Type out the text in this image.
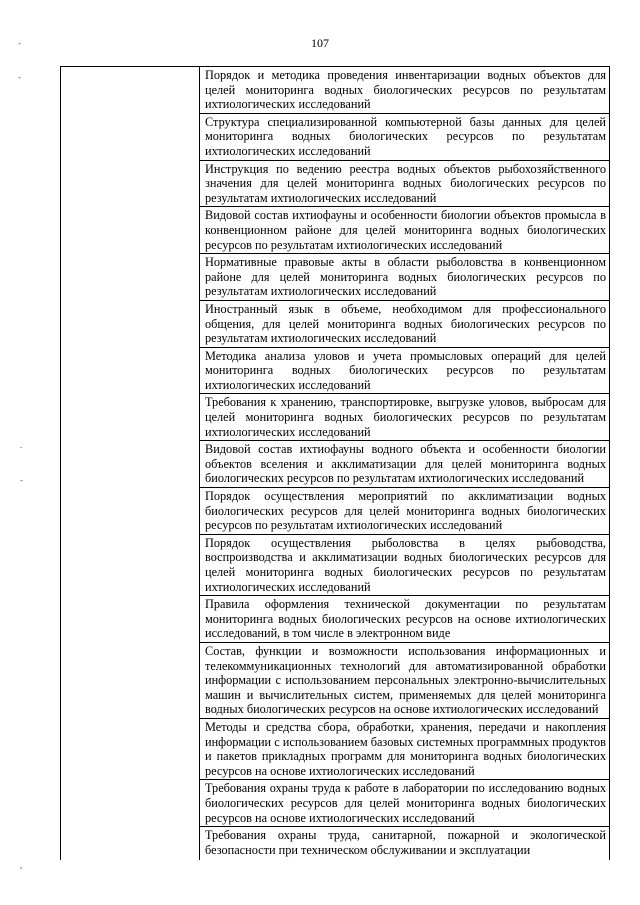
107
-
-
.
-
,
Порядок и методика проведения инвентаризации водных объектов для целей мониторинга водных биологических ресурсов по результатам ихтиологических исследований
Структура специализированной компьютерной базы данных для целей мониторинга водных биологических ресурсов по результатам ихтиологических исследований
Инструкция по ведению реестра водных объектов рыбохозяйственного значения для целей мониторинга водных биологических ресурсов по результатам ихтиологических исследований
Видовой состав ихтиофауны и особенности биологии объектов промысла в конвенционном районе для целей мониторинга водных биологических ресурсов по результатам ихтиологических исследований
Нормативные правовые акты в области рыболовства в конвенционном районе для целей мониторинга водных биологических ресурсов по результатам ихтиологических исследований
Иностранный язык в объеме, необходимом для профессионального общения, для целей мониторинга водных биологических ресурсов по результатам ихтиологических исследований
Методика анализа уловов и учета промысловых операций для целей мониторинга водных биологических ресурсов по результатам ихтиологических исследований
Требования к хранению, транспортировке, выгрузке уловов, выбросам для целей мониторинга водных биологических ресурсов по результатам ихтиологических исследований
Видовой состав ихтиофауны водного объекта и особенности биологии объектов вселения и акклиматизации для целей мониторинга водных биологических ресурсов по результатам ихтиологических исследований
Порядок осуществления мероприятий по акклиматизации водных биологических ресурсов для целей мониторинга водных биологических ресурсов по результатам ихтиологических исследований
Порядок осуществления рыболовства в целях рыбоводства, воспроизводства и акклиматизации водных биологических ресурсов для целей мониторинга водных биологических ресурсов по результатам ихтиологических исследований
Правила оформления технической документации по результатам мониторинга водных биологических ресурсов на основе ихтиологических исследований, в том числе в электронном виде
Состав, функции и возможности использования информационных и телекоммуникационных технологий для автоматизированной обработки информации с использованием персональных электронно-вычислительных машин и вычислительных систем, применяемых для целей мониторинга водных биологических ресурсов на основе ихтиологических исследований
Методы и средства сбора, обработки, хранения, передачи и накопления информации с использованием базовых системных программных продуктов и пакетов прикладных программ для мониторинга водных биологических ресурсов на основе ихтиологических исследований
Требования охраны труда к работе в лаборатории по исследованию водных биологических ресурсов для целей мониторинга водных биологических ресурсов на основе ихтиологических исследований
Требования охраны труда, санитарной, пожарной и экологической безопасности при техническом обслуживании и эксплуатации
